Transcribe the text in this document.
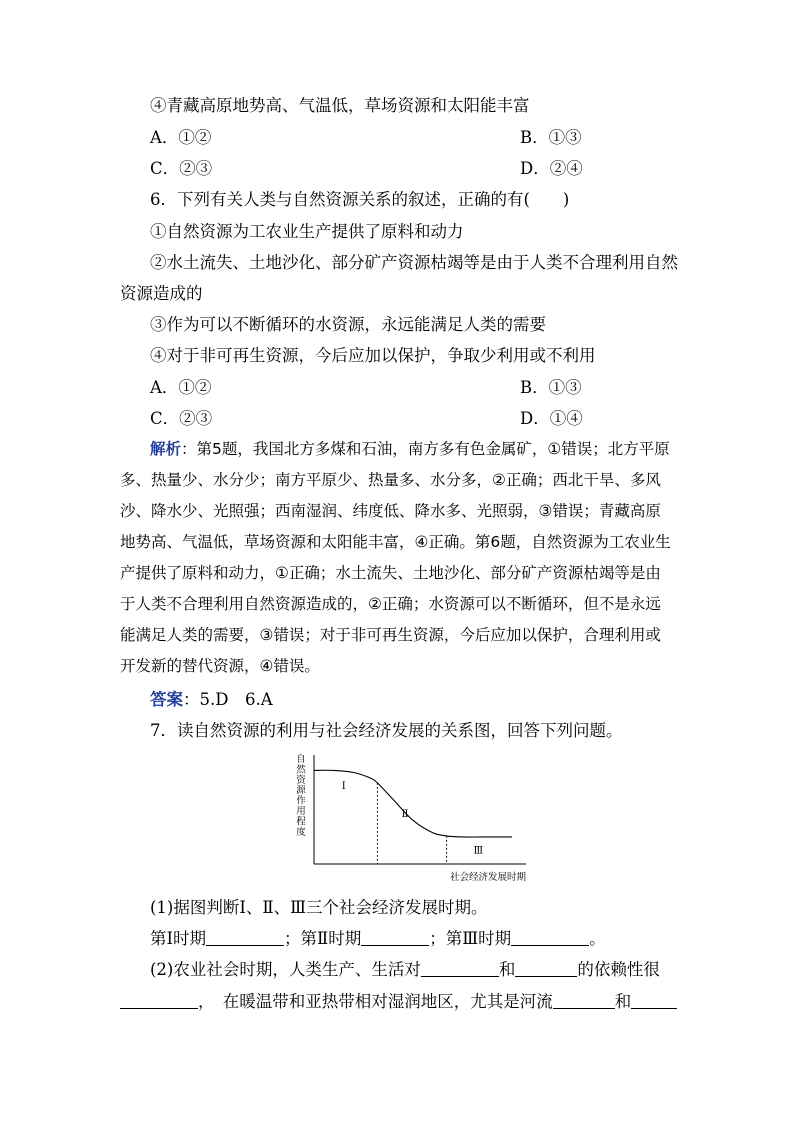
④青藏高原地势高、气温低，草场资源和太阳能丰富
A．①②	B．①③
C．②③	D．②④
6．下列有关人类与自然资源关系的叙述，正确的有(　　)
①自然资源为工农业生产提供了原料和动力
②水土流失、土地沙化、部分矿产资源枯竭等是由于人类不合理利用自然
资源造成的
③作为可以不断循环的水资源，永远能满足人类的需要
④对于非可再生资源，今后应加以保护，争取少利用或不利用
A．①②	B．①③
C．②③	D．①④
解析：第5题，我国北方多煤和石油，南方多有色金属矿，①错误；北方平原多、热量少、水分少；南方平原少、热量多、水分多，②正确；西北干旱、多风沙、降水少、光照强；西南湿润、纬度低、降水多、光照弱，③错误；青藏高原地势高、气温低，草场资源和太阳能丰富，④正确。第6题，自然资源为工农业生产提供了原料和动力，①正确；水土流失、土地沙化、部分矿产资源枯竭等是由于人类不合理利用自然资源造成的，②正确；水资源可以不断循环，但不是永远能满足人类的需要，③错误；对于非可再生资源，今后应加以保护，合理利用或开发新的替代资源，④错误。
答案：5.D　6.A
7．读自然资源的利用与社会经济发展的关系图，回答下列问题。
自然资源作用程度
Ⅰ
Ⅱ
Ⅲ
社会经济发展时期
(1)据图判断Ⅰ、Ⅱ、Ⅲ三个社会经济发展时期。
第Ⅰ时期	；第Ⅱ时期	；第Ⅲ时期	。
(2)农业社会时期，人类生产、生活对	和	的依赖性很
，　在暖温带和亚热带相对湿润地区，尤其是河流	和
